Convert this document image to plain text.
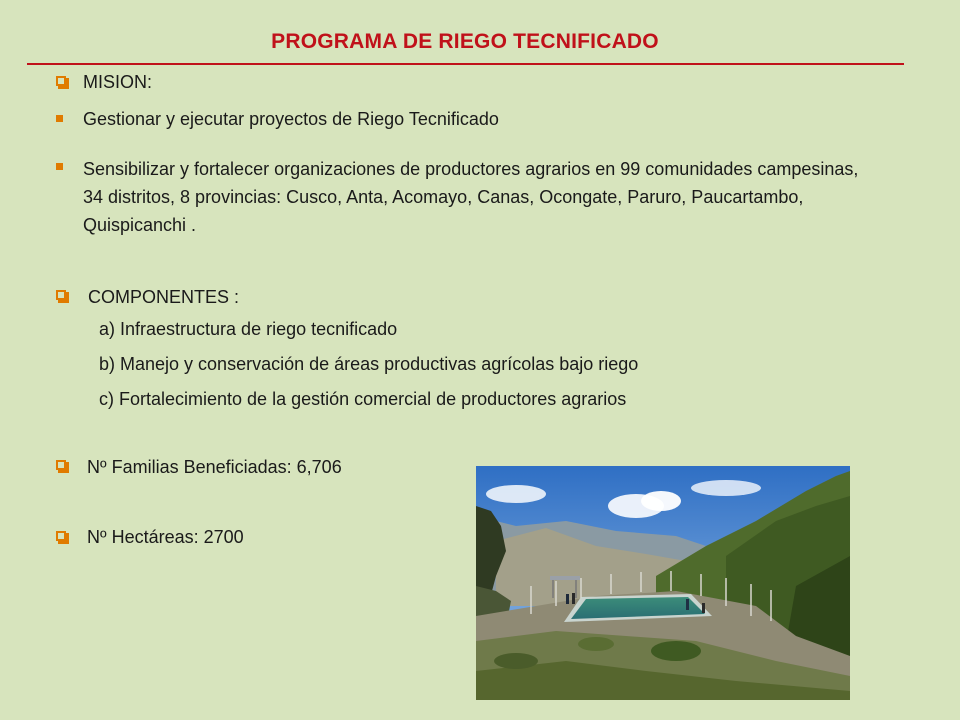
PROGRAMA DE RIEGO TECNIFICADO
MISION:
Gestionar y ejecutar proyectos de Riego Tecnificado
Sensibilizar y fortalecer organizaciones de productores agrarios en 99 comunidades campesinas, 34 distritos, 8 provincias: Cusco, Anta, Acomayo, Canas, Ocongate, Paruro, Paucartambo, Quispicanchi .
COMPONENTES :
a) Infraestructura de riego tecnificado
b) Manejo y conservación de áreas productivas agrícolas bajo riego
c) Fortalecimiento de la gestión comercial de productores agrarios
Nº Familias Beneficiadas: 6,706
Nº Hectáreas: 2700
